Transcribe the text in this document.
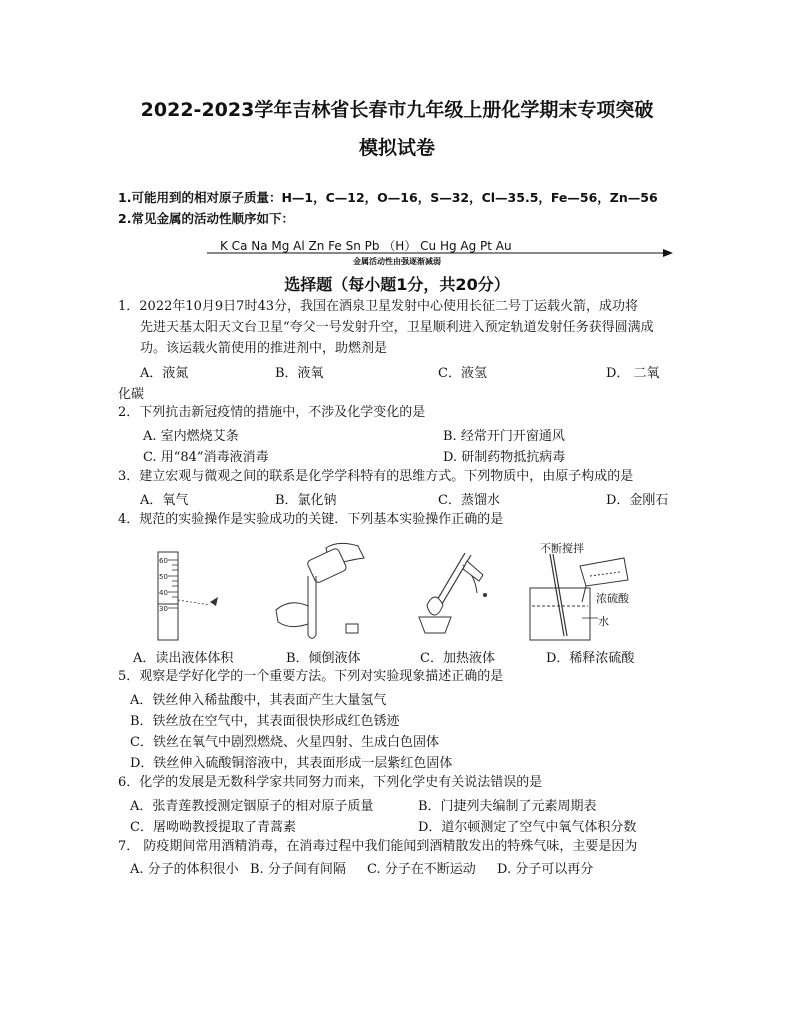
2022-2023学年吉林省长春市九年级上册化学期末专项突破
模拟试卷
1.可能用到的相对原子质量：H—1，C—12，O—16，S—32，Cl—35.5，Fe—56，Zn—56
2.常见金属的活动性顺序如下：
K Ca Na Mg Al Zn Fe Sn Pb （H） Cu Hg Ag Pt Au
金属活动性由强逐渐减弱
选择题（每小题1分，共20分）
1．2022年10月9日7时43分，我国在酒泉卫星发射中心使用长征二号丁运载火箭，成功将
先进天基太阳天文台卫星“夸父一号发射升空，卫星顺利进入预定轨道发射任务获得圆满成
功。该运载火箭使用的推进剂中，助燃剂是
A．液氮	B．液氧	C．液氢	D． 二氧
化碳
2．下列抗击新冠疫情的措施中，不涉及化学变化的是
A. 室内燃烧艾条	B. 经常开门开窗通风
C. 用“84”消毒液消毒	D. 研制药物抵抗病毒
3．建立宏观与微观之间的联系是化学学科特有的思维方式。下列物质中，由原子构成的是
A．氧气	B．氯化钠	C．蒸馏水	D．金刚石
4．规范的实验操作是实验成功的关键．下列基本实验操作正确的是
60
50
40
30
不断搅拌
浓硫酸
水
A．读出液体体积	B．倾倒液体	C．加热液体	D．稀释浓硫酸
5．观察是学好化学的一个重要方法。下列对实验现象描述正确的是
A．铁丝伸入稀盐酸中，其表面产生大量氢气
B．铁丝放在空气中，其表面很快形成红色锈迹
C．铁丝在氧气中剧烈燃烧、火星四射、生成白色固体
D．铁丝伸入硫酸铜溶液中，其表面形成一层紫红色固体
6．化学的发展是无数科学家共同努力而来，下列化学史有关说法错误的是
A．张青莲教授测定铟原子的相对原子质量	B．门捷列夫编制了元素周期表
C．屠呦呦教授提取了青蒿素	D．道尔顿测定了空气中氧气体积分数
7． 防疫期间常用酒精消毒，在消毒过程中我们能闻到酒精散发出的特殊气味，主要是因为
A. 分子的体积很小 B. 分子间有间隔 C. 分子在不断运动 D. 分子可以再分
